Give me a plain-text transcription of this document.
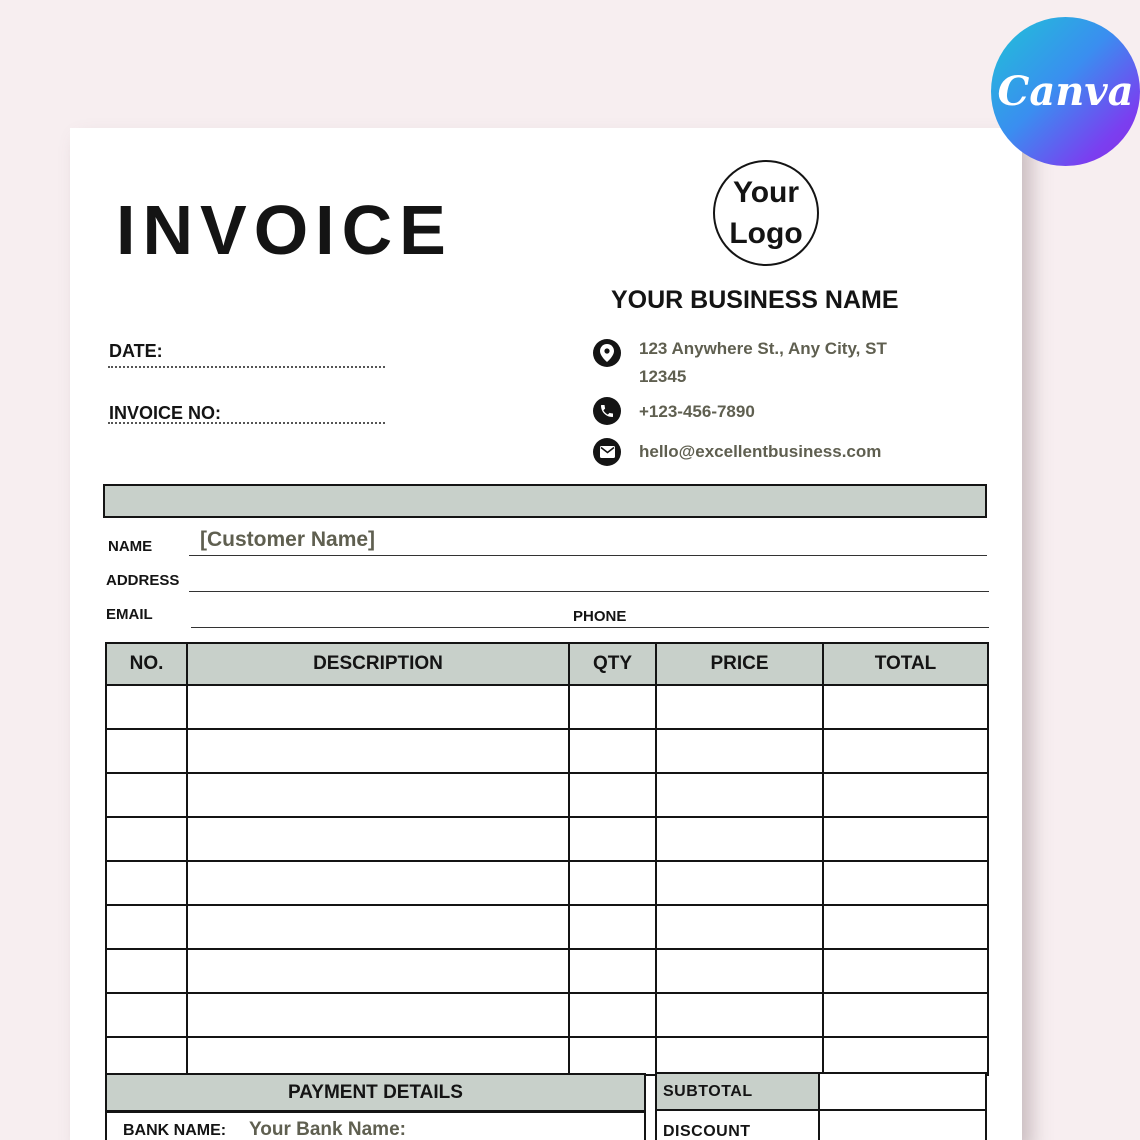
INVOICE	Your
Logo
YOUR BUSINESS NAME
DATE:
INVOICE NO:
123 Anywhere St., Any City, ST
12345
+123-456-7890
hello@excellentbusiness.com
NAME [Customer Name]
ADDRESS
EMAIL	PHONE
NO.	DESCRIPTION	QTY	PRICE	TOTAL

PAYMENT DETAILS
BANK NAME: Your Bank Name:
SUBTOTAL
DISCOUNT
Canva
